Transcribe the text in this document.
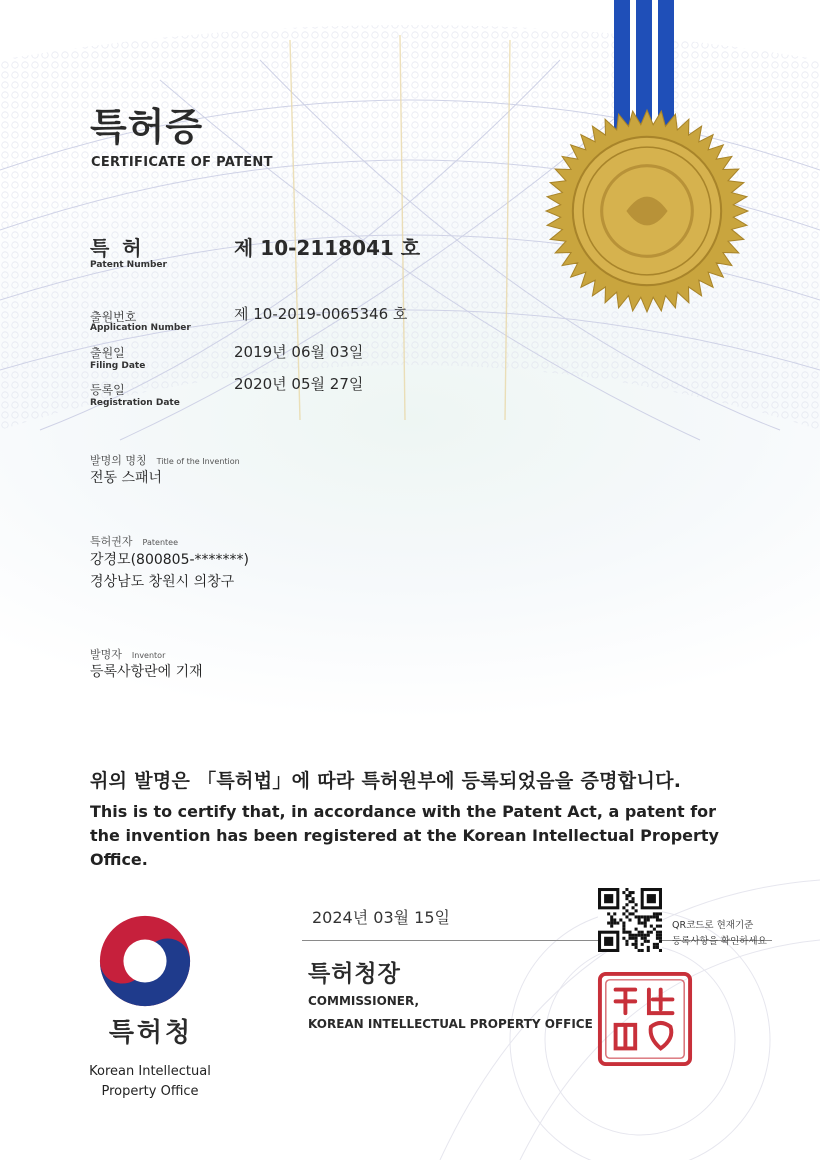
특허증
CERTIFICATE OF PATENT
특 허
Patent Number
제 10-2118041 호
출원번호
Application Number
제 10-2019-0065346 호
출원일
Filing Date
2019년 06월 03일
등록일
Registration Date
2020년 05월 27일
발명의 명칭 Title of the Invention
전동 스패너
특허권자 Patentee
강경모(800805-*******)
경상남도 창원시 의창구
발명자 Inventor
등록사항란에 기재
위의 발명은 「특허법」에 따라 특허원부에 등록되었음을 증명합니다.
This is to certify that, in accordance with the Patent Act, a patent for the invention has been registered at the Korean Intellectual Property Office.
2024년 03월 15일
특허청장
COMMISSIONER,
KOREAN INTELLECTUAL PROPERTY OFFICE
QR코드로 현재기준
등록사항을 확인하세요
특허청
Korean Intellectual
Property Office
